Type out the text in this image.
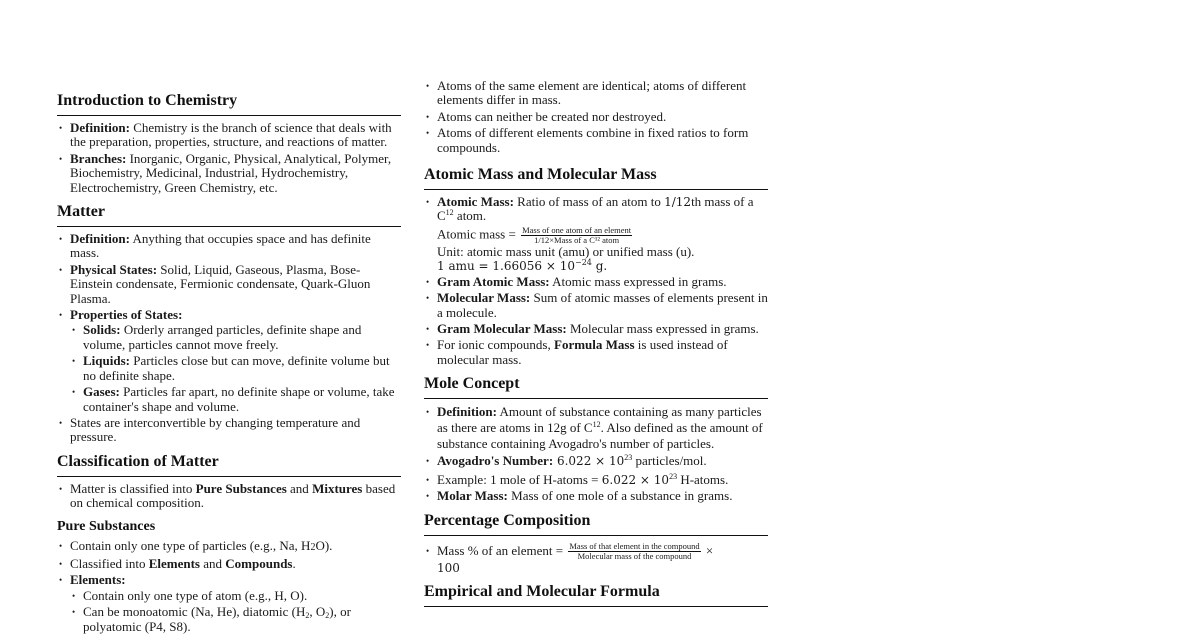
Introduction to Chemistry
• Definition: Chemistry is the branch of science that deals with the preparation, properties, structure, and reactions of matter.
• Branches: Inorganic, Organic, Physical, Analytical, Polymer, Biochemistry, Medicinal, Industrial, Hydrochemistry, Electrochemistry, Green Chemistry, etc.
Matter
• Definition: Anything that occupies space and has definite mass.
• Physical States: Solid, Liquid, Gaseous, Plasma, Bose-Einstein condensate, Fermionic condensate, Quark-Gluon Plasma.
• Properties of States:
• Solids: Orderly arranged particles, definite shape and volume, particles cannot move freely.
• Liquids: Particles close but can move, definite volume but no definite shape.
• Gases: Particles far apart, no definite shape or volume, take container's shape and volume.
• States are interconvertible by changing temperature and pressure.
Classification of Matter
• Matter is classified into Pure Substances and Mixtures based on chemical composition.
Pure Substances
• Contain only one type of particles (e.g., Na, H2O).
• Classified into Elements and Compounds.
• Elements:
• Contain only one type of atom (e.g., H, O).
• Can be monoatomic (Na, He), diatomic ($H_2$, $O_2$), or
polyatomic (P4, S8).
• Atoms of the same element are identical; atoms of different elements differ in mass.
• Atoms can neither be created nor destroyed.
• Atoms of different elements combine in fixed ratios to form compounds.
Atomic Mass and Molecular Mass
• Atomic Mass: Ratio of mass of an atom to 1/12th mass of a $C^{12}$ atom.
Atomic mass = $\frac{\text{Mass of one atom of an element}}{\text{1/12×Mass of a C¹² atom}}$
Unit: atomic mass unit (amu) or unified mass (u).
1 amu = $1.66056 \times 10^{-24}$ g.
• Gram Atomic Mass: Atomic mass expressed in grams.
• Molecular Mass: Sum of atomic masses of elements present in a molecule.
• Gram Molecular Mass: Molecular mass expressed in grams.
• For ionic compounds, Formula Mass is used instead of molecular mass.
Mole Concept
• Definition: Amount of substance containing as many particles as there are atoms in 12g of $C^{12}$. Also defined as the amount of substance containing Avogadro's number of particles.
• Avogadro's Number: $6.022 \times 10^{23}$ particles/mol.
• Example: 1 mole of H-atoms = $6.022 \times 10^{23}$ H-atoms.
• Molar Mass: Mass of one mole of a substance in grams.
Percentage Composition
• Mass % of an element = $\frac{\text{Mass of that element in the compound}}{\text{Molecular mass of the compound}}$ ×
100
Empirical and Molecular Formula
